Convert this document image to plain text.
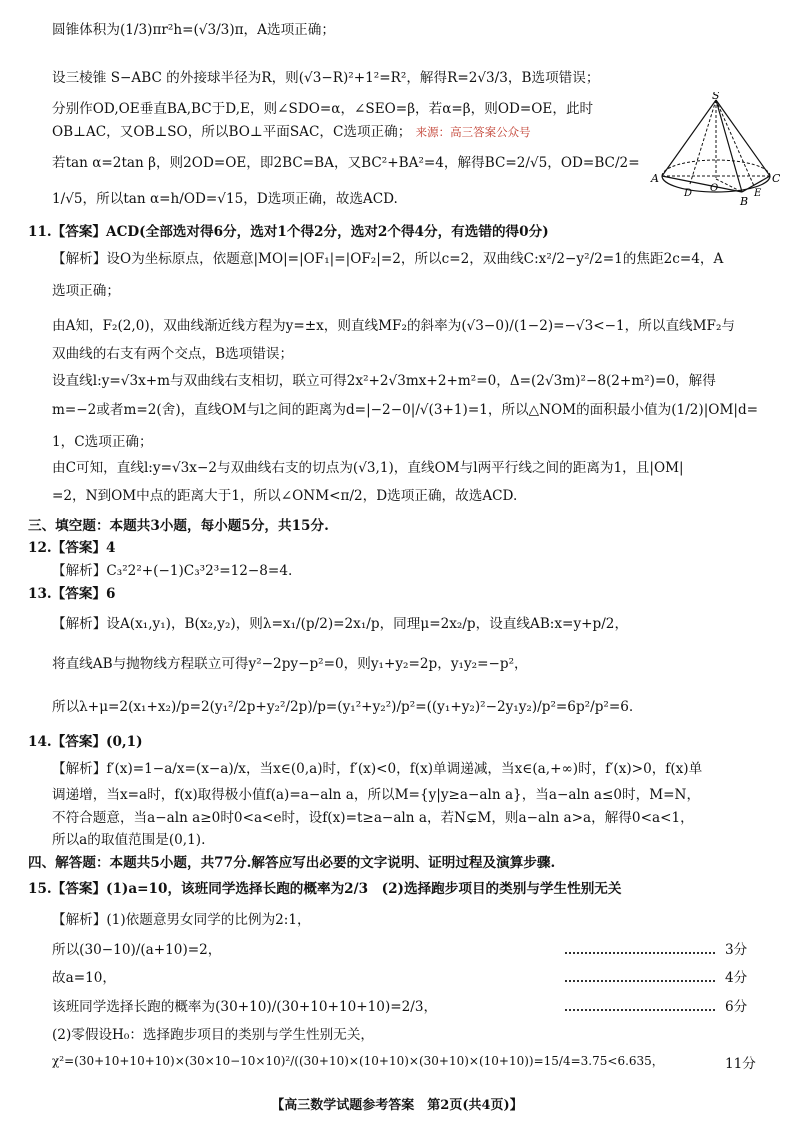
圆锥体积为(1/3)πr²h=(√3/3)π，A选项正确；
设三棱锥 S−ABC 的外接球半径为R，则(√3−R)²+1²=R²，解得R=2√3/3，B选项错误；
分别作OD,OE垂直BA,BC于D,E，则∠SDO=α，∠SEO=β，若α=β，则OD=OE，此时
OB⊥AC，又OB⊥SO，所以BO⊥平面SAC，C选项正确； 来源：高三答案公众号
若tan α=2tan β，则2OD=OE，即2BC=BA，又BC²+BA²=4，解得BC=2/√5，OD=BC/2=
1/√5，所以tan α=h/OD=√15，D选项正确，故选ACD.
S
A	C
B
D	E
O
11.【答案】ACD(全部选对得6分，选对1个得2分，选对2个得4分，有选错的得0分)
【解析】设O为坐标原点，依题意|MO|=|OF₁|=|OF₂|=2，所以c=2，双曲线C:x²/2−y²/2=1的焦距2c=4，A
选项正确；
由A知，F₂(2,0)，双曲线渐近线方程为y=±x，则直线MF₂的斜率为(√3−0)/(1−2)=−√3<−1，所以直线MF₂与
双曲线的右支有两个交点，B选项错误；
设直线l:y=√3x+m与双曲线右支相切，联立可得2x²+2√3mx+2+m²=0，Δ=(2√3m)²−8(2+m²)=0，解得
m=−2或者m=2(舍)，直线OM与l之间的距离为d=|−2−0|/√(3+1)=1，所以△NOM的面积最小值为(1/2)|OM|d=
1，C选项正确；
由C可知，直线l:y=√3x−2与双曲线右支的切点为(√3,1)，直线OM与l两平行线之间的距离为1，且|OM|
=2，N到OM中点的距离大于1，所以∠ONM<π/2，D选项正确，故选ACD.
三、填空题：本题共3小题，每小题5分，共15分.
12.【答案】4
【解析】C₃²2²+(−1)C₃³2³=12−8=4.
13.【答案】6
【解析】设A(x₁,y₁)，B(x₂,y₂)，则λ=x₁/(p/2)=2x₁/p，同理μ=2x₂/p，设直线AB:x=y+p/2，
将直线AB与抛物线方程联立可得y²−2py−p²=0，则y₁+y₂=2p，y₁y₂=−p²，
所以λ+μ=2(x₁+x₂)/p=2(y₁²/2p+y₂²/2p)/p=(y₁²+y₂²)/p²=((y₁+y₂)²−2y₁y₂)/p²=6p²/p²=6.
14.【答案】(0,1)
【解析】f′(x)=1−a/x=(x−a)/x，当x∈(0,a)时，f′(x)<0，f(x)单调递减，当x∈(a,+∞)时，f′(x)>0，f(x)单
调递增，当x=a时，f(x)取得极小值f(a)=a−aln a，所以M={y|y≥a−aln a}，当a−aln a≤0时，M=N，
不符合题意，当a−aln a≥0时0<a<e时，设f(x)=t≥a−aln a，若N⊊M，则a−aln a>a，解得0<a<1，
所以a的取值范围是(0,1).
四、解答题：本题共5小题，共77分.解答应写出必要的文字说明、证明过程及演算步骤.
15.【答案】(1)a=10，该班同学选择长跑的概率为2/3　(2)选择跑步项目的类别与学生性别无关
【解析】(1)依题意男女同学的比例为2:1，
所以(30−10)/(a+10)=2，	3分
故a=10，	4分
该班同学选择长跑的概率为(30+10)/(30+10+10+10)=2/3，	6分
(2)零假设H₀：选择跑步项目的类别与学生性别无关，
χ²=(30+10+10+10)×(30×10−10×10)²/((30+10)×(10+10)×(30+10)×(10+10))=15/4=3.75<6.635，	11分
【高三数学试题参考答案　第2页(共4页)】
